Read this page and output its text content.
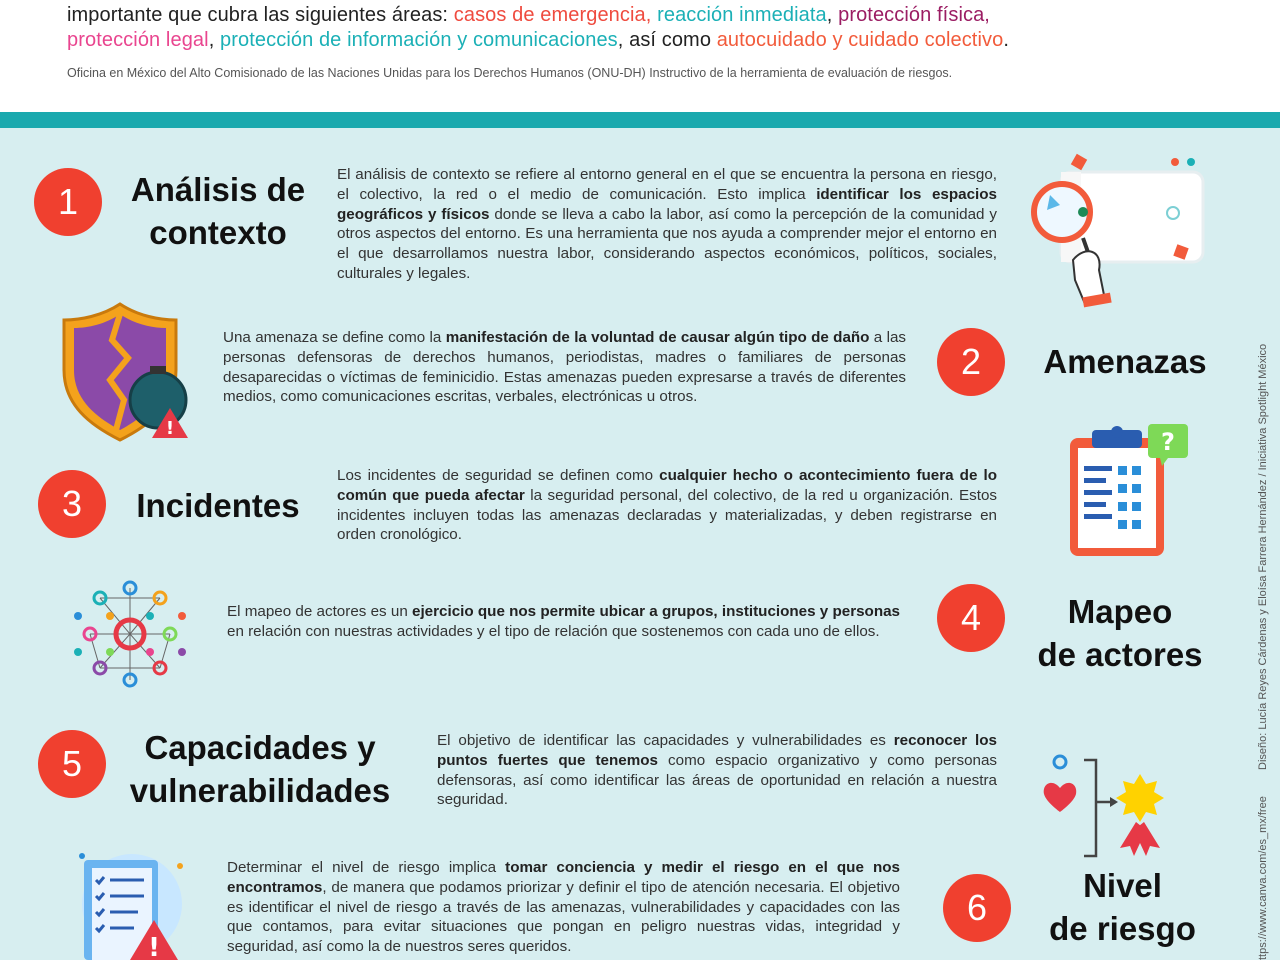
importante que cubra las siguientes áreas: casos de emergencia, reacción inmediata, protección física,
protección legal, protección de información y comunicaciones, así como autocuidado y cuidado colectivo.
Oficina en México del Alto Comisionado de las Naciones Unidas para los Derechos Humanos (ONU-DH) Instructivo de la herramienta de evaluación de riesgos.
1	Análisis de
contexto
El análisis de contexto se refiere al entorno general en el que se encuentra la persona en riesgo, el colectivo, la red o el medio de comunicación. Esto implica identificar los espacios geográficos y físicos donde se lleva a cabo la labor, así como la percepción de la comunidad y otros aspectos del entorno. Es una herramienta que nos ayuda a comprender mejor el entorno en el que desarrollamos nuestra labor, considerando aspectos económicos, políticos, sociales, culturales y legales.
!
Una amenaza se define como la manifestación de la voluntad de causar algún tipo de daño a las personas defensoras de derechos humanos, periodistas, madres o familiares de personas desaparecidas o víctimas de feminicidio. Estas amenazas pueden expresarse a través de diferentes medios, como comunicaciones escritas, verbales, electrónicas u otros.
2	Amenazas
3	Incidentes
Los incidentes de seguridad se definen como cualquier hecho o acontecimiento fuera de lo común que pueda afectar la seguridad personal, del colectivo, de la red u organización. Estos incidentes incluyen todas las amenazas declaradas y materializadas, y deben registrarse en orden cronológico.
?
El mapeo de actores es un ejercicio que nos permite ubicar a grupos, instituciones y personas en relación con nuestras actividades y el tipo de relación que sostenemos con cada uno de ellos.	4	Mapeo
de actores
5	Capacidades y
vulnerabilidades
El objetivo de identificar las capacidades y vulnerabilidades es reconocer los puntos fuertes que tenemos como espacio organizativo y como personas defensoras, así como identificar las áreas de oportunidad en relación a nuestra seguridad.
!
Determinar el nivel de riesgo implica tomar conciencia y medir el riesgo en el que nos encontramos, de manera que podamos priorizar y definir el tipo de atención necesaria. El objetivo es identificar el nivel de riesgo a través de las amenazas, vulnerabilidades y capacidades con las que contamos, para evitar situaciones que pongan en peligro nuestras vidas, integridad y seguridad, así como la de nuestros seres queridos.
6
Nivel
de riesgo
Diseño: Lucía Reyes Cárdenas y Eloísa Farrera Hernández / Iniciativa Spotlight México
ttps://www.canva.com/es_mx/free
